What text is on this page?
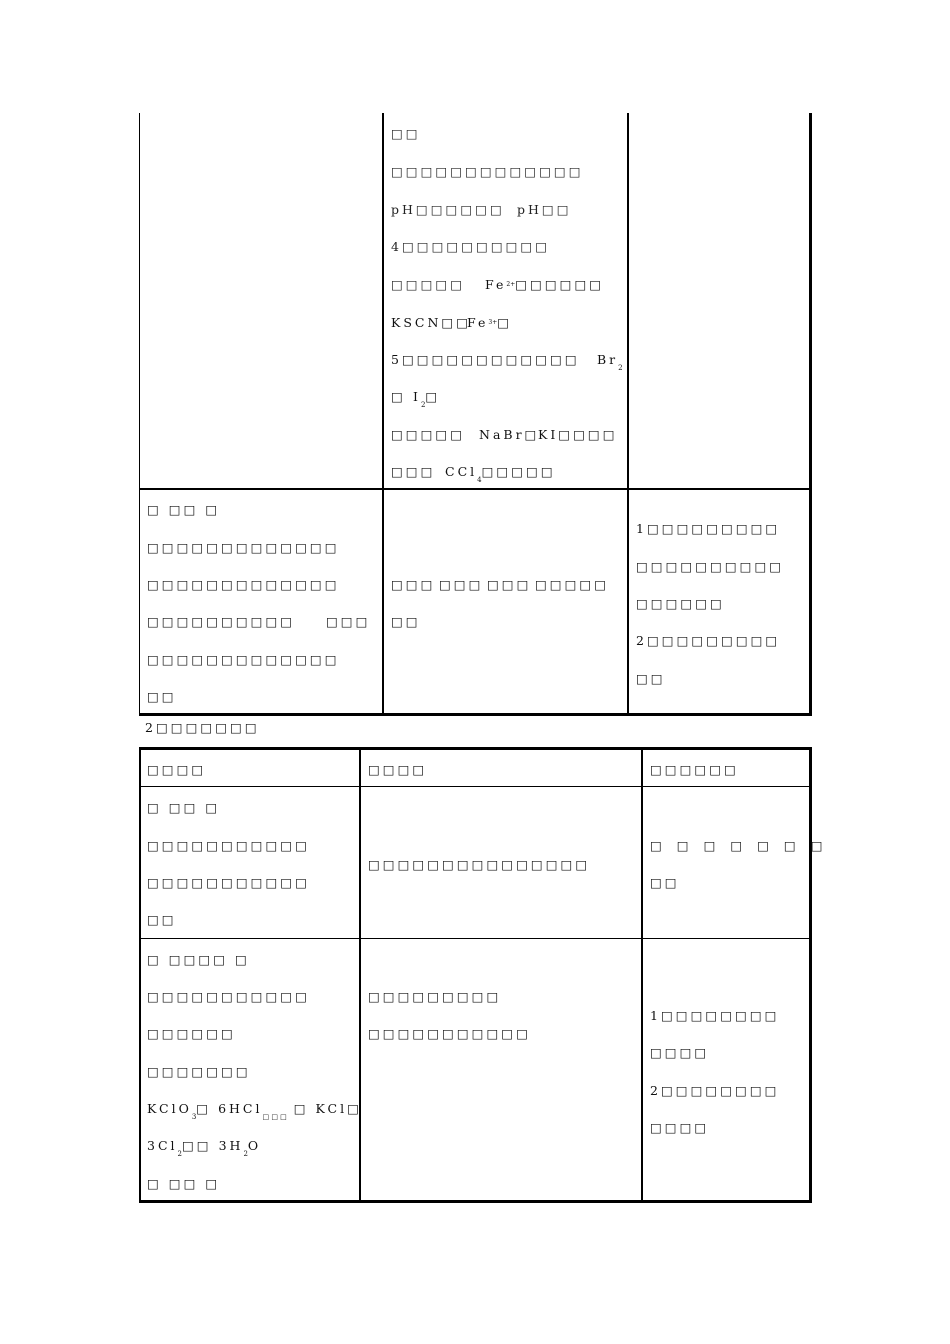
□□
□□□□□□□□□□□□□
pH□□□□□□ pH□□
4□□□□□□□□□□
□□□□□ $Fe^{2+}□□□□□□$
KSCN□□
$Fe^{3+}□$
5□□□□□□□□□□□□ $Br_2$
□ $I_2□$
□□□□□ NaBr□
KI□□□□
□□□ CCl$_4$□□□□□
□ □□ □
□□□□□□□□□□□□□
□□□□□□□□□□□□□
□□□□□□□□□□ □□□
□□□□□□□□□□□□□
□□
□□□ □□□ □□□ □□□□□
□□
1□□□□□□□□□
□□□□□□□□□□
□□□□□□
2□□□□□□□□□
□□
2□□□□□□□
□□□□	□□□□	□□□□□□
□ □□ □
□□□□□□□□□□□
□□□□□□□□□□□
□□
□□□□□□□□□□□□□□□
□ □ □ □ □ □ □
□□
□ □□□□ □
□□□□□□□□□□□
□□□□□□
□□□□□□□
KClO$_3$□ 6HCl$_{□ □ □}$ □ KCl□
$3Cl_2□□$ $3H_2O$
□ □□ □
□□□□□□□□□
□□□□□□□□□□□
1□□□□□□□□
□□□□
2□□□□□□□□
□□□□
